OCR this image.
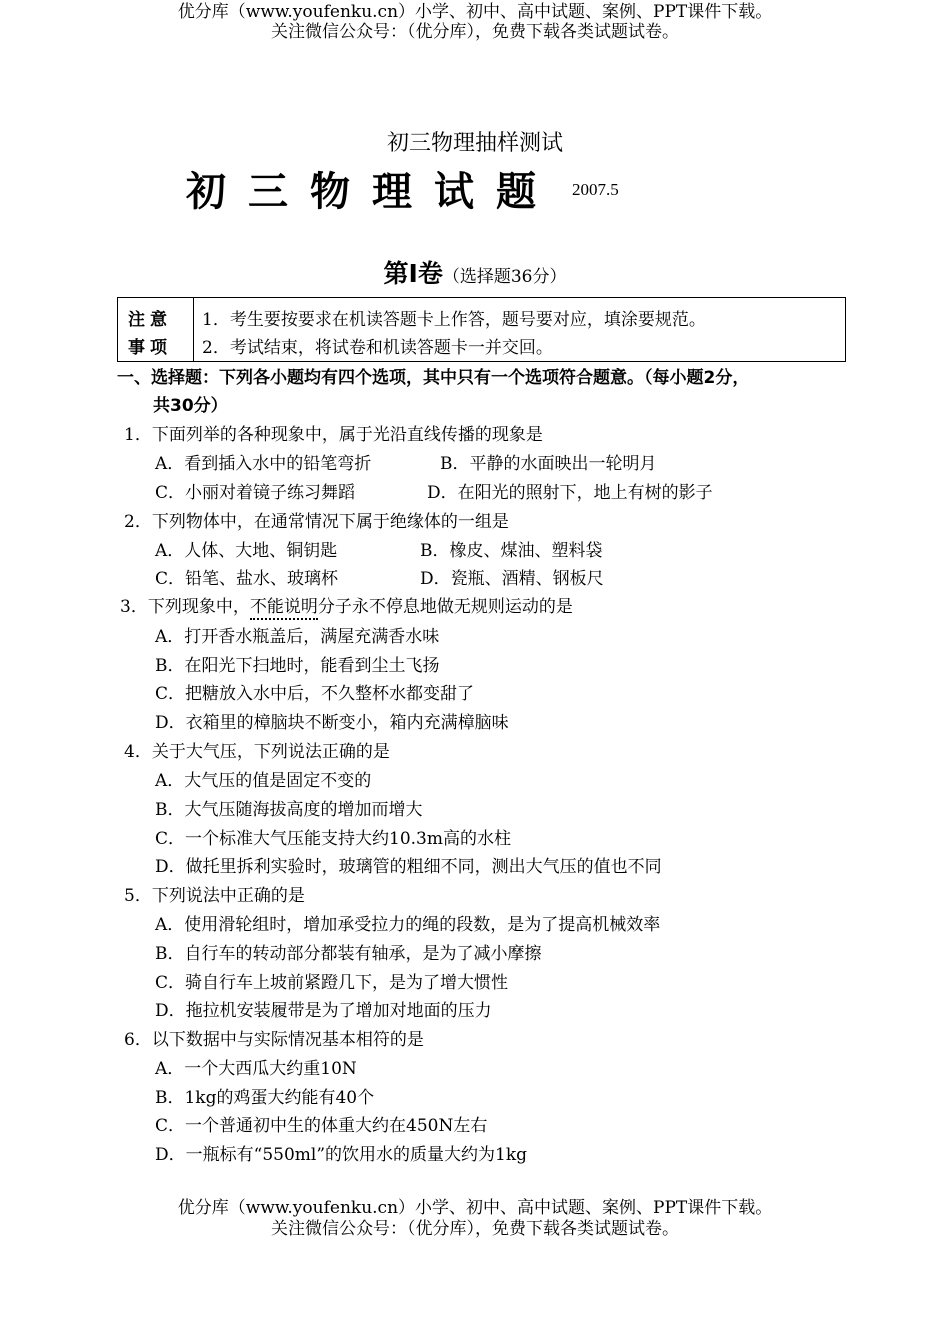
优分库（www.youfenku.cn）小学、初中、高中试题、案例、PPT课件下载。
关注微信公众号：（优分库），免费下载各类试题试卷。
初三物理抽样测试
初三物理试题 2007.5
第Ⅰ卷（选择题36分）
注意
事项
1．考生要按要求在机读答题卡上作答，题号要对应，填涂要规范。
2．考试结束，将试卷和机读答题卡一并交回。
一、选择题：下列各小题均有四个选项，其中只有一个选项符合题意。（每小题2分，
共30分）
1．下面列举的各种现象中，属于光沿直线传播的现象是
A．看到插入水中的铅笔弯折	B．平静的水面映出一轮明月
C．小丽对着镜子练习舞蹈	D．在阳光的照射下，地上有树的影子
2．下列物体中，在通常情况下属于绝缘体的一组是
A．人体、大地、铜钥匙	B．橡皮、煤油、塑料袋
C．铅笔、盐水、玻璃杯	D．瓷瓶、酒精、钢板尺
3．下列现象中，不能说明分子永不停息地做无规则运动的是
A．打开香水瓶盖后，满屋充满香水味
B．在阳光下扫地时，能看到尘土飞扬
C．把糖放入水中后，不久整杯水都变甜了
D．衣箱里的樟脑块不断变小，箱内充满樟脑味
4．关于大气压，下列说法正确的是
A．大气压的值是固定不变的
B．大气压随海拔高度的增加而增大
C．一个标准大气压能支持大约10.3m高的水柱
D．做托里拆利实验时，玻璃管的粗细不同，测出大气压的值也不同
5．下列说法中正确的是
A．使用滑轮组时，增加承受拉力的绳的段数，是为了提高机械效率
B．自行车的转动部分都装有轴承，是为了减小摩擦
C．骑自行车上坡前紧蹬几下，是为了增大惯性
D．拖拉机安装履带是为了增加对地面的压力
6．以下数据中与实际情况基本相符的是
A．一个大西瓜大约重10N
B．1kg的鸡蛋大约能有40个
C．一个普通初中生的体重大约在450N左右
D．一瓶标有“550ml”的饮用水的质量大约为1kg
优分库（www.youfenku.cn）小学、初中、高中试题、案例、PPT课件下载。
关注微信公众号：（优分库），免费下载各类试题试卷。
